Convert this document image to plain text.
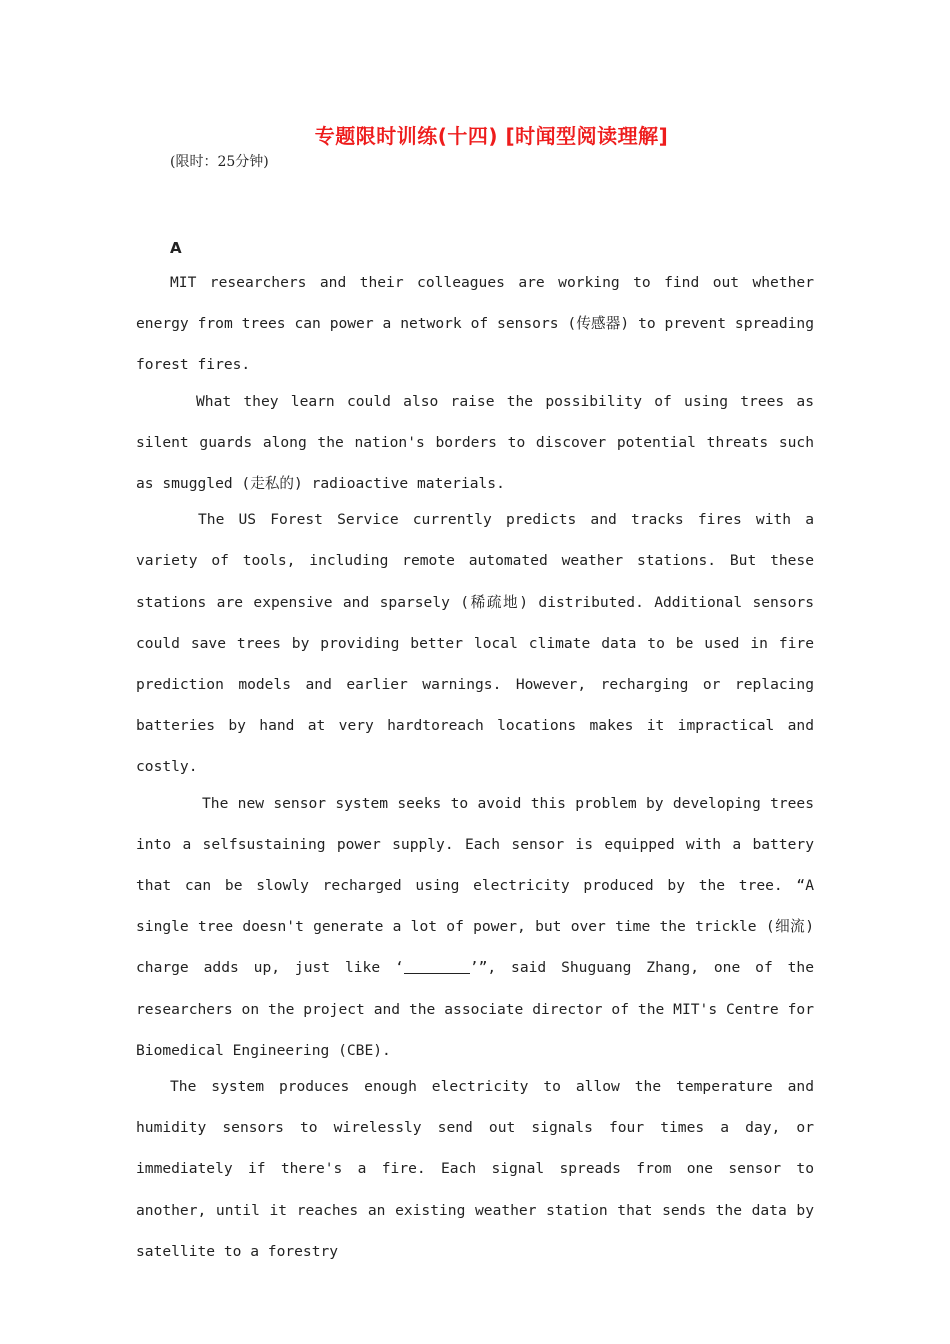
专题限时训练(十四) [时闻型阅读理解]

(限时：25分钟)

A

MIT researchers and their colleagues are working to find out whether energy from trees can power a network of sensors (传感器) to prevent spreading forest fires.

What they learn could also raise the possibility of using trees as silent guards along the nation's borders to discover potential threats such as smuggled (走私的) radioactive materials.

The US Forest Service currently predicts and tracks fires with a variety of tools, including remote automated weather stations. But these stations are expensive and sparsely (稀疏地) distributed. Additional sensors could save trees by providing better local climate data to be used in fire prediction models and earlier warnings. However, recharging or replacing batteries by hand at very hardtoreach locations makes it impractical and costly.

The new sensor system seeks to avoid this problem by developing trees into a selfsustaining power supply. Each sensor is equipped with a battery that can be slowly recharged using electricity produced by the tree. “A single tree doesn't generate a lot of power, but over time the trickle (细流) charge adds up, just like ‘	’”, said Shuguang Zhang, one of the researchers on the project and the associate director of the MIT's Centre for Biomedical Engineering (CBE).

The system produces enough electricity to allow the temperature and humidity sensors to wirelessly send out signals four times a day, or immediately if there's a fire. Each signal spreads from one sensor to another, until it reaches an existing weather station that sends the data by satellite to a forestry
